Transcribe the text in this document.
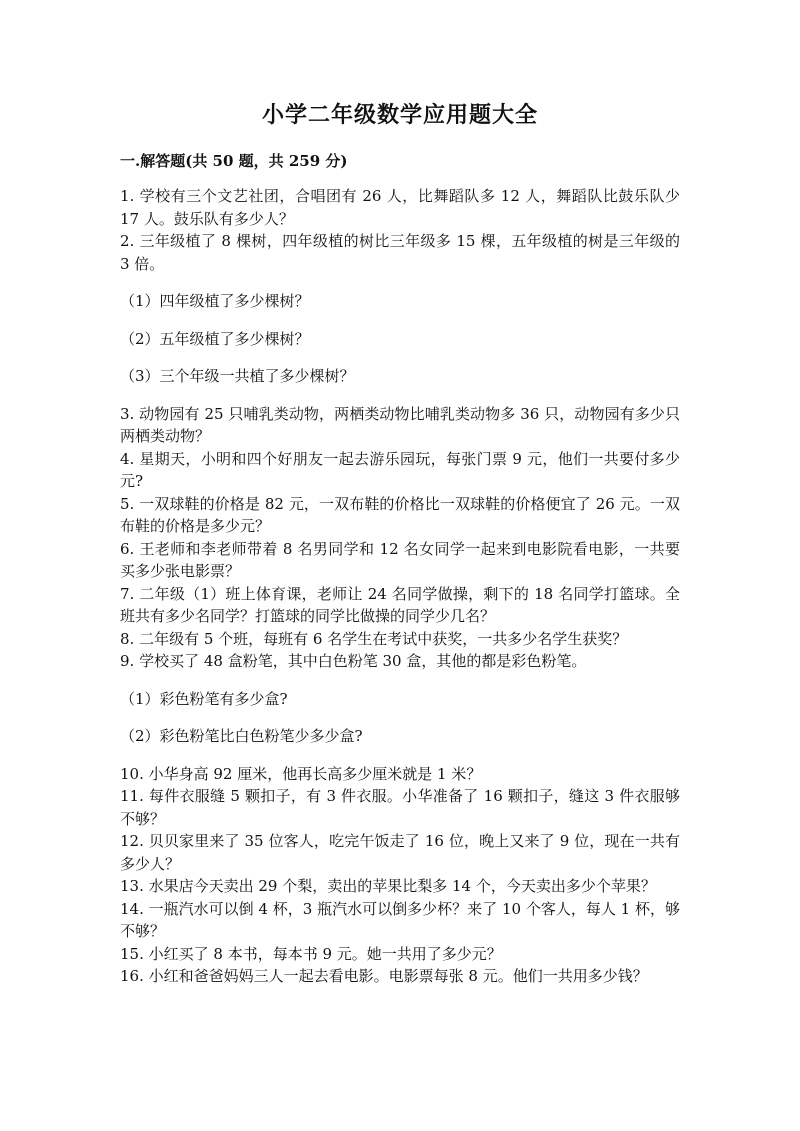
小学二年级数学应用题大全
一.解答题(共 50 题，共 259 分)

1. 学校有三个文艺社团，合唱团有 26 人，比舞蹈队多 12 人，舞蹈队比鼓乐队少 17 人。鼓乐队有多少人？

2. 三年级植了 8 棵树，四年级植的树比三年级多 15 棵，五年级植的树是三年级的 3 倍。

（1）四年级植了多少棵树？

（2）五年级植了多少棵树？

（3）三个年级一共植了多少棵树？

3. 动物园有 25 只哺乳类动物，两栖类动物比哺乳类动物多 36 只，动物园有多少只两栖类动物？

4. 星期天，小明和四个好朋友一起去游乐园玩，每张门票 9 元，他们一共要付多少元?

5. 一双球鞋的价格是 82 元，一双布鞋的价格比一双球鞋的价格便宜了 26 元。一双布鞋的价格是多少元？

6. 王老师和李老师带着 8 名男同学和 12 名女同学一起来到电影院看电影，一共要买多少张电影票？

7. 二年级（1）班上体育课，老师让 24 名同学做操，剩下的 18 名同学打篮球。全班共有多少名同学？打篮球的同学比做操的同学少几名？

8. 二年级有 5 个班，每班有 6 名学生在考试中获奖，一共多少名学生获奖？

9. 学校买了 48 盒粉笔，其中白色粉笔 30 盒，其他的都是彩色粉笔。

（1）彩色粉笔有多少盒?

（2）彩色粉笔比白色粉笔少多少盒?

10. 小华身高 92 厘米，他再长高多少厘米就是 1 米？

11. 每件衣服缝 5 颗扣子，有 3 件衣服。小华准备了 16 颗扣子，缝这 3 件衣服够不够？

12. 贝贝家里来了 35 位客人，吃完午饭走了 16 位，晚上又来了 9 位，现在一共有多少人？

13. 水果店今天卖出 29 个梨，卖出的苹果比梨多 14 个，今天卖出多少个苹果？

14. 一瓶汽水可以倒 4 杯，3 瓶汽水可以倒多少杯？来了 10 个客人，每人 1 杯，够不够？

15. 小红买了 8 本书，每本书 9 元。她一共用了多少元？

16. 小红和爸爸妈妈三人一起去看电影。电影票每张 8 元。他们一共用多少钱？
